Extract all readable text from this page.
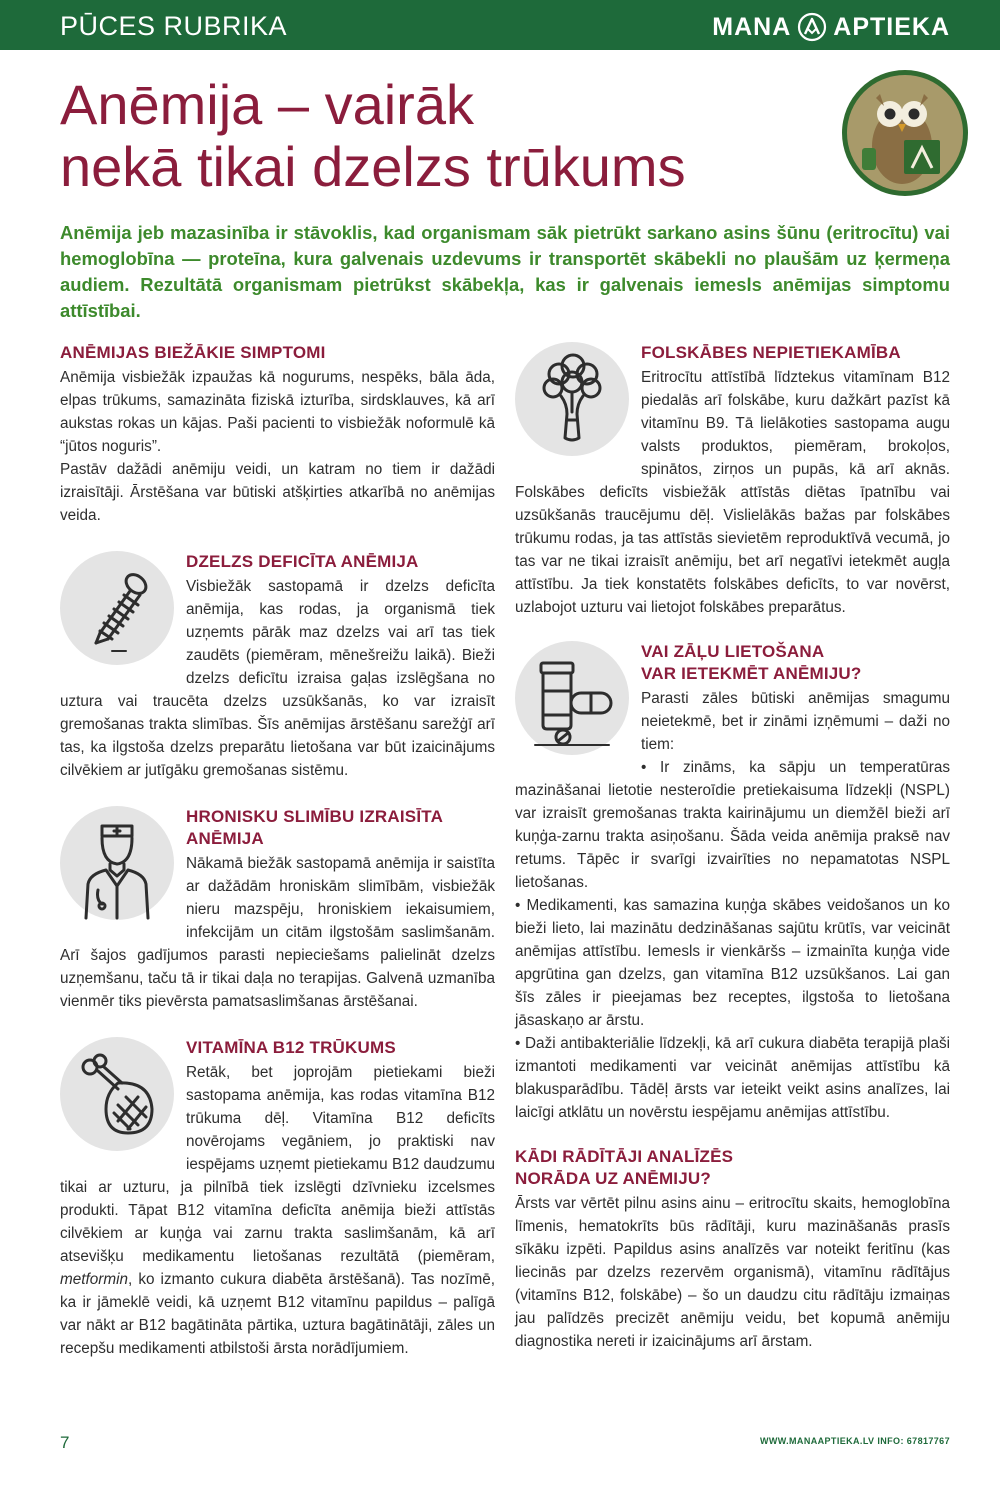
PŪCES RUBRIKA	MANA APTIEKA
Anēmija – vairāk
nekā tikai dzelzs trūkums

Anēmija jeb mazasinība ir stāvoklis, kad organismam sāk pietrūkt sarkano asins šūnu (eritrocītu) vai hemoglobīna — proteīna, kura galvenais uzdevums ir transportēt skābekli no plaušām uz ķermeņa audiem. Rezultātā organismam pietrūkst skābekļa, kas ir galvenais iemesls anēmijas simptomu attīstībai.

ANĒMIJAS BIEŽĀKIE SIMPTOMI

Anēmija visbiežāk izpaužas kā nogurums, nespēks, bāla āda, elpas trūkums, samazināta fiziskā izturība, sirdsklauves, kā arī aukstas rokas un kājas. Paši pacienti to visbiežāk noformulē kā “jūtos noguris”.

Pastāv dažādi anēmiju veidi, un katram no tiem ir dažādi izraisītāji. Ārstēšana var būtiski atšķirties atkarībā no anēmijas veida.

DZELZS DEFICĪTA ANĒMIJA

Visbiežāk sastopamā ir dzelzs deficīta anēmija, kas rodas, ja organismā tiek uzņemts pārāk maz dzelzs vai arī tas tiek zaudēts (piemēram, mēnešreižu laikā). Bieži dzelzs deficītu izraisa gaļas izslēgšana no uztura vai traucēta dzelzs uzsūkšanās, ko var izraisīt gremošanas trakta slimības. Šīs anēmijas ārstēšanu sarežģī arī tas, ka ilgstoša dzelzs preparātu lietošana var būt izaicinājums cilvēkiem ar jutīgāku gremošanas sistēmu.

HRONISKU SLIMĪBU IZRAISĪTA ANĒMIJA

Nākamā biežāk sastopamā anēmija ir saistīta ar dažādām hroniskām slimībām, visbiežāk nieru mazspēju, hroniskiem iekaisumiem, infekcijām un citām ilgstošām saslimšanām. Arī šajos gadījumos parasti nepieciešams palielināt dzelzs uzņemšanu, taču tā ir tikai daļa no terapijas. Galvenā uzmanība vienmēr tiks pievērsta pamatsaslimšanas ārstēšanai.

VITAMĪNA B12 TRŪKUMS

Retāk, bet joprojām pietiekami bieži sastopama anēmija, kas rodas vitamīna B12 trūkuma dēļ. Vitamīna B12 deficīts novērojams vegāniem, jo praktiski nav iespējams uzņemt pietiekamu B12 daudzumu tikai ar uzturu, ja pilnībā tiek izslēgti dzīvnieku izcelsmes produkti. Tāpat B12 vitamīna deficīta anēmija bieži attīstās cilvēkiem ar kuņģa vai zarnu trakta saslimšanām, kā arī atsevišķu medikamentu lietošanas rezultātā (piemēram, metformin, ko izmanto cukura diabēta ārstēšanā). Tas nozīmē, ka ir jāmeklē veidi, kā uzņemt B12 vitamīnu papildus – palīgā var nākt ar B12 bagātināta pārtika, uztura bagātinātāji, zāles un recepšu medikamenti atbilstoši ārsta norādījumiem.

FOLSKĀBES NEPIETIEKAMĪBA

Eritrocītu attīstībā līdztekus vitamīnam B12 piedalās arī folskābe, kuru dažkārt pazīst kā vitamīnu B9. Tā lielākoties sastopama augu valsts produktos, piemēram, brokoļos, spinātos, zirņos un pupās, kā arī aknās. Folskābes deficīts visbiežāk attīstās diētas īpatnību vai uzsūkšanās traucējumu dēļ. Vislielākās bažas par folskābes trūkumu rodas, ja tas attīstās sievietēm reproduktīvā vecumā, jo tas var ne tikai izraisīt anēmiju, bet arī negatīvi ietekmēt augļa attīstību. Ja tiek konstatēts folskābes deficīts, to var novērst, uzlabojot uzturu vai lietojot folskābes preparātus.

VAI ZĀĻU LIETOŠANA
VAR IETEKMĒT ANĒMIJU?

Parasti zāles būtiski anēmijas smagumu neietekmē, bet ir zināmi izņēmumi – daži no tiem:

• Ir zināms, ka sāpju un temperatūras mazināšanai lietotie nesteroīdie pretiekaisuma līdzekļi (NSPL) var izraisīt gremošanas trakta kairinājumu un diemžēl bieži arī kuņģa-zarnu trakta asiņošanu. Šāda veida anēmija praksē nav retums. Tāpēc ir svarīgi izvairīties no nepamatotas NSPL lietošanas.

• Medikamenti, kas samazina kuņģa skābes veidošanos un ko bieži lieto, lai mazinātu dedzināšanas sajūtu krūtīs, var veicināt anēmijas attīstību. Iemesls ir vienkāršs – izmainīta kuņģa vide apgrūtina gan dzelzs, gan vitamīna B12 uzsūkšanos. Lai gan šīs zāles ir pieejamas bez receptes, ilgstoša to lietošana jāsaskaņo ar ārstu.

• Daži antibakteriālie līdzekļi, kā arī cukura diabēta terapijā plaši izmantoti medikamenti var veicināt anēmijas attīstību kā blakusparādību. Tādēļ ārsts var ieteikt veikt asins analīzes, lai laicīgi atklātu un novērstu iespējamu anēmijas attīstību.

KĀDI RĀDĪTĀJI ANALĪZĒS
NORĀDA UZ ANĒMIJU?

Ārsts var vērtēt pilnu asins ainu – eritrocītu skaits, hemoglobīna līmenis, hematokrīts būs rādītāji, kuru mazināšanās prasīs sīkāku izpēti. Papildus asins analīzēs var noteikt feritīnu (kas liecinās par dzelzs rezervēm organismā), vitamīnu rādītājus (vitamīns B12, folskābe) – šo un daudzu citu rādītāju izmaiņas jau palīdzēs precizēt anēmiju veidu, bet kopumā anēmiju diagnostika nereti ir izaicinājums arī ārstam.

7	WWW.MANAAPTIEKA.LV INFO: 67817767
